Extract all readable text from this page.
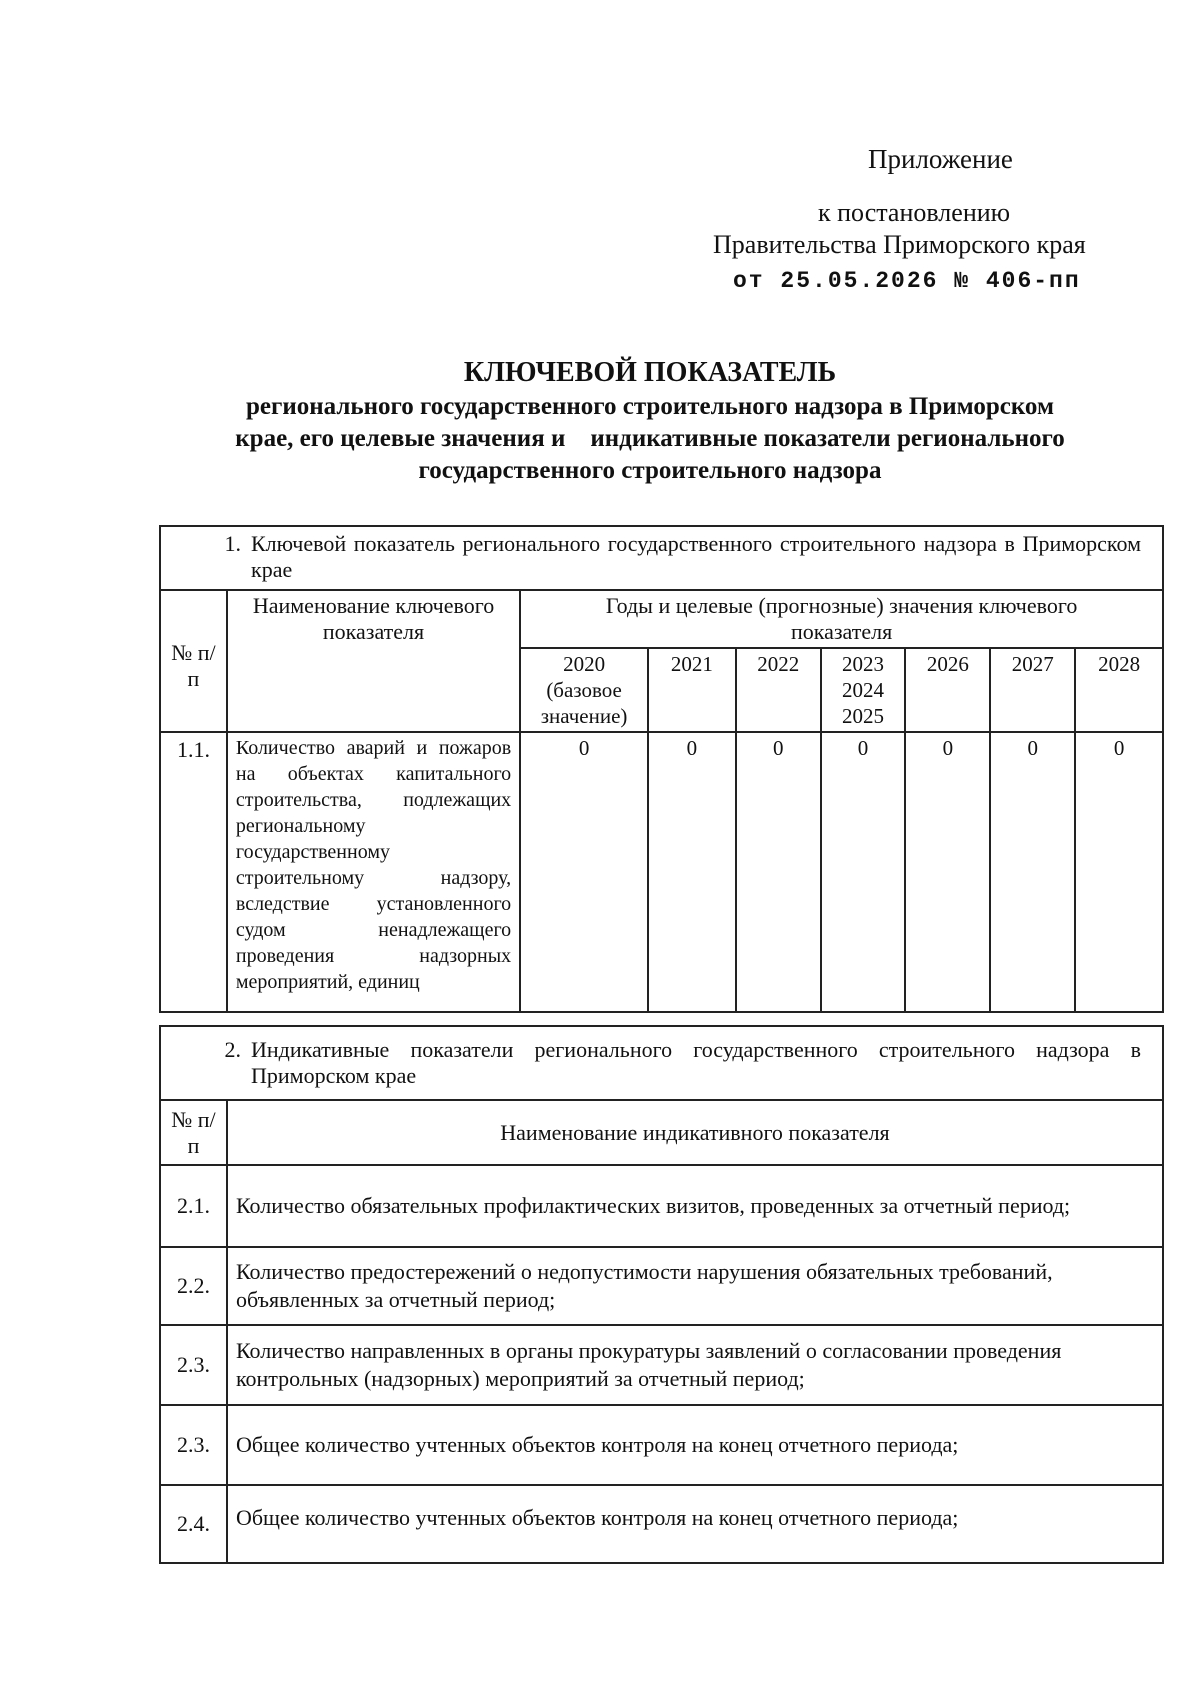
Приложение
к постановлению
Правительства Приморского края
от 25.05.2026 № 406-пп
КЛЮЧЕВОЙ ПОКАЗАТЕЛЬ
регионального государственного строительного надзора в Приморском
крае, его целевые значения и    индикативные показатели регионального
государственного строительного надзора
1. Ключевой показатель регионального государственного строительного надзора в Приморском крае								
№ п/п	Наименование ключевого показателя	Годы и целевые (прогнозные) значения ключевого показателя						
		2020 (базовое значение)	2021	2022	2023 2024 2025	2026	2027	2028
1.1.	Количество аварий и пожаров на объектах капитального строительства, подлежащих региональному государственному строительному надзору, вследствие установленного судом ненадлежащего проведения надзорных мероприятий, единиц	0	0	0	0	0	0	0
2. Индикативные показатели регионального государственного строительного надзора в Приморском крае	
№ п/п	Наименование индикативного показателя
2.1.	Количество обязательных профилактических визитов, проведенных за отчетный период;
2.2.	Количество предостережений о недопустимости нарушения обязательных требований, объявленных за отчетный период;
2.3.	Количество направленных в органы прокуратуры заявлений о согласовании проведения контрольных (надзорных) мероприятий за отчетный период;
2.3.	Общее количество учтенных объектов контроля на конец отчетного периода;
2.4.	Общее количество учтенных объектов контроля на конец отчетного периода;
